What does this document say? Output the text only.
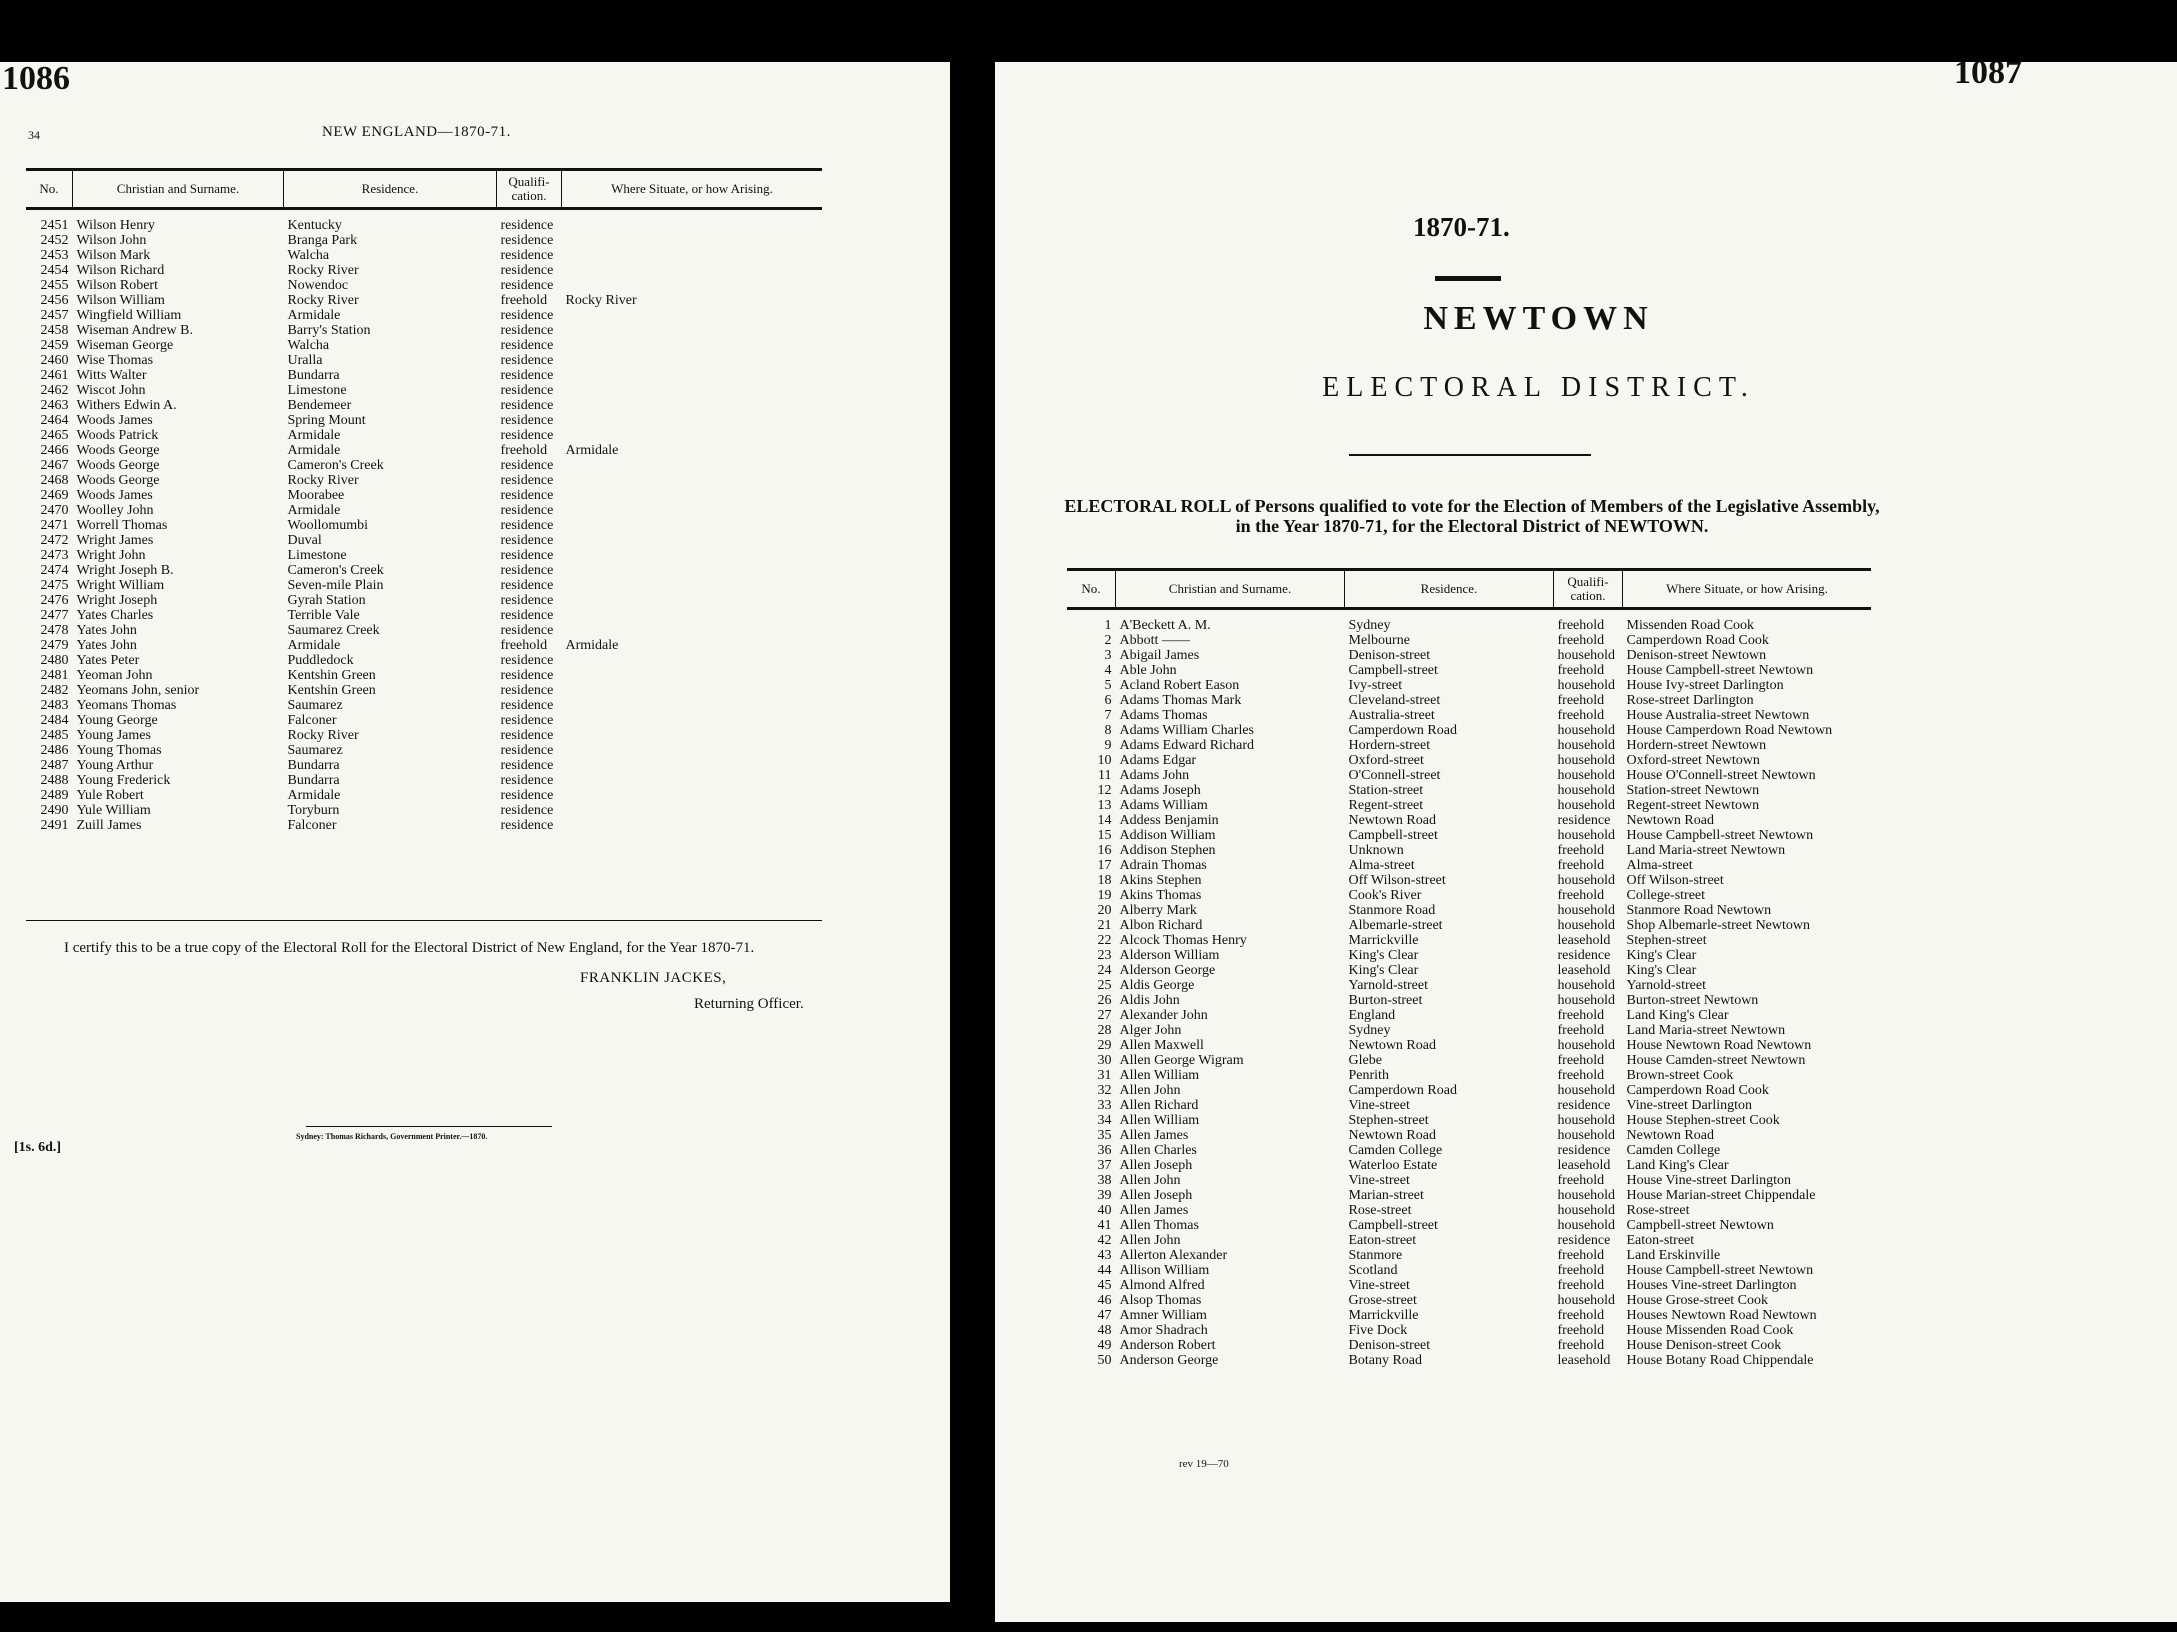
1086
34	NEW ENGLAND—1870-71.
No.	Christian and Surname.	Residence.	Qualifi-cation.	Where Situate, or how Arising.
2451	Wilson Henry	Kentucky	residence	
2452	Wilson John	Branga Park	residence	
2453	Wilson Mark	Walcha	residence	
2454	Wilson Richard	Rocky River	residence	
2455	Wilson Robert	Nowendoc	residence	
2456	Wilson William	Rocky River	freehold	Rocky River
2457	Wingfield William	Armidale	residence	
2458	Wiseman Andrew B.	Barry's Station	residence	
2459	Wiseman George	Walcha	residence	
2460	Wise Thomas	Uralla	residence	
2461	Witts Walter	Bundarra	residence	
2462	Wiscot John	Limestone	residence	
2463	Withers Edwin A.	Bendemeer	residence	
2464	Woods James	Spring Mount	residence	
2465	Woods Patrick	Armidale	residence	
2466	Woods George	Armidale	freehold	Armidale
2467	Woods George	Cameron's Creek	residence	
2468	Woods George	Rocky River	residence	
2469	Woods James	Moorabee	residence	
2470	Woolley John	Armidale	residence	
2471	Worrell Thomas	Woollomumbi	residence	
2472	Wright James	Duval	residence	
2473	Wright John	Limestone	residence	
2474	Wright Joseph B.	Cameron's Creek	residence	
2475	Wright William	Seven-mile Plain	residence	
2476	Wright Joseph	Gyrah Station	residence	
2477	Yates Charles	Terrible Vale	residence	
2478	Yates John	Saumarez Creek	residence	
2479	Yates John	Armidale	freehold	Armidale
2480	Yates Peter	Puddledock	residence	
2481	Yeoman John	Kentshin Green	residence	
2482	Yeomans John, senior	Kentshin Green	residence	
2483	Yeomans Thomas	Saumarez	residence	
2484	Young George	Falconer	residence	
2485	Young James	Rocky River	residence	
2486	Young Thomas	Saumarez	residence	
2487	Young Arthur	Bundarra	residence	
2488	Young Frederick	Bundarra	residence	
2489	Yule Robert	Armidale	residence	
2490	Yule William	Toryburn	residence	
2491	Zuill James	Falconer	residence	
I certify this to be a true copy of the Electoral Roll for the Electoral District of New England, for the Year 1870-71.
FRANKLIN JACKES,
Returning Officer.
[1s. 6d.]
Sydney: Thomas Richards, Government Printer.—1870.
1087
1870-71.
NEWTOWN
ELECTORAL DISTRICT.
ELECTORAL ROLL of Persons qualified to vote for the Election of Members of the Legislative Assembly, in the Year 1870-71, for the Electoral District of NEWTOWN.
No.	Christian and Surname.	Residence.	Qualifi-cation.	Where Situate, or how Arising.
1	A'Beckett A. M.	Sydney	freehold	Missenden Road Cook
2	Abbott ——	Melbourne	freehold	Camperdown Road Cook
3	Abigail James	Denison-street	household	Denison-street Newtown
4	Able John	Campbell-street	freehold	House Campbell-street Newtown
5	Acland Robert Eason	Ivy-street	household	House Ivy-street Darlington
6	Adams Thomas Mark	Cleveland-street	freehold	Rose-street Darlington
7	Adams Thomas	Australia-street	freehold	House Australia-street Newtown
8	Adams William Charles	Camperdown Road	household	House Camperdown Road Newtown
9	Adams Edward Richard	Hordern-street	household	Hordern-street Newtown
10	Adams Edgar	Oxford-street	household	Oxford-street Newtown
11	Adams John	O'Connell-street	household	House O'Connell-street Newtown
12	Adams Joseph	Station-street	household	Station-street Newtown
13	Adams William	Regent-street	household	Regent-street Newtown
14	Addess Benjamin	Newtown Road	residence	Newtown Road
15	Addison William	Campbell-street	household	House Campbell-street Newtown
16	Addison Stephen	Unknown	freehold	Land Maria-street Newtown
17	Adrain Thomas	Alma-street	freehold	Alma-street
18	Akins Stephen	Off Wilson-street	household	Off Wilson-street
19	Akins Thomas	Cook's River	freehold	College-street
20	Alberry Mark	Stanmore Road	household	Stanmore Road Newtown
21	Albon Richard	Albemarle-street	household	Shop Albemarle-street Newtown
22	Alcock Thomas Henry	Marrickville	leasehold	Stephen-street
23	Alderson William	King's Clear	residence	King's Clear
24	Alderson George	King's Clear	leasehold	King's Clear
25	Aldis George	Yarnold-street	household	Yarnold-street
26	Aldis John	Burton-street	household	Burton-street Newtown
27	Alexander John	England	freehold	Land King's Clear
28	Alger John	Sydney	freehold	Land Maria-street Newtown
29	Allen Maxwell	Newtown Road	household	House Newtown Road Newtown
30	Allen George Wigram	Glebe	freehold	House Camden-street Newtown
31	Allen William	Penrith	freehold	Brown-street Cook
32	Allen John	Camperdown Road	household	Camperdown Road Cook
33	Allen Richard	Vine-street	residence	Vine-street Darlington
34	Allen William	Stephen-street	household	House Stephen-street Cook
35	Allen James	Newtown Road	household	Newtown Road
36	Allen Charles	Camden College	residence	Camden College
37	Allen Joseph	Waterloo Estate	leasehold	Land King's Clear
38	Allen John	Vine-street	freehold	House Vine-street Darlington
39	Allen Joseph	Marian-street	household	House Marian-street Chippendale
40	Allen James	Rose-street	household	Rose-street
41	Allen Thomas	Campbell-street	household	Campbell-street Newtown
42	Allen John	Eaton-street	residence	Eaton-street
43	Allerton Alexander	Stanmore	freehold	Land Erskinville
44	Allison William	Scotland	freehold	House Campbell-street Newtown
45	Almond Alfred	Vine-street	freehold	Houses Vine-street Darlington
46	Alsop Thomas	Grose-street	household	House Grose-street Cook
47	Amner William	Marrickville	freehold	Houses Newtown Road Newtown
48	Amor Shadrach	Five Dock	freehold	House Missenden Road Cook
49	Anderson Robert	Denison-street	freehold	House Denison-street Cook
50	Anderson George	Botany Road	leasehold	House Botany Road Chippendale
rev 19—70
